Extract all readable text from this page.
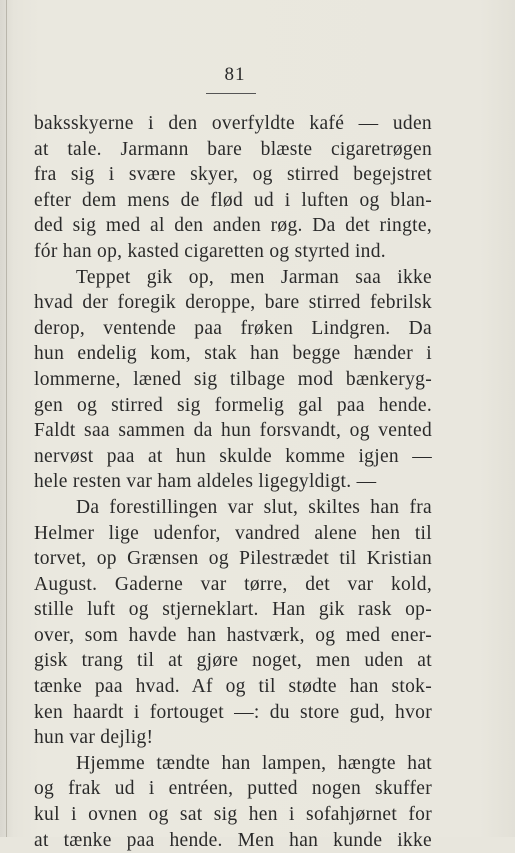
81
baksskyerne i den overfyldte kafé — uden
at tale. Jarmann bare blæste cigaretrøgen
fra sig i svære skyer, og stirred begejstret
efter dem mens de flød ud i luften og blan-
ded sig med al den anden røg. Da det ringte,
fór han op, kasted cigaretten og styrted ind.
Teppet gik op, men Jarman saa ikke
hvad der foregik deroppe, bare stirred febrilsk
derop, ventende paa frøken Lindgren. Da
hun endelig kom, stak han begge hænder i
lommerne, læned sig tilbage mod bænkeryg-
gen og stirred sig formelig gal paa hende.
Faldt saa sammen da hun forsvandt, og vented
nervøst paa at hun skulde komme igjen —
hele resten var ham aldeles ligegyldigt. —
Da forestillingen var slut, skiltes han fra
Helmer lige udenfor, vandred alene hen til
torvet, op Grænsen og Pilestrædet til Kristian
August. Gaderne var tørre, det var kold,
stille luft og stjerneklart. Han gik rask op-
over, som havde han hastværk, og med ener-
gisk trang til at gjøre noget, men uden at
tænke paa hvad. Af og til stødte han stok-
ken haardt i fortouget —: du store gud, hvor
hun var dejlig!
Hjemme tændte han lampen, hængte hat
og frak ud i entréen, putted nogen skuffer
kul i ovnen og sat sig hen i sofahjørnet for
at tænke paa hende. Men han kunde ikke
